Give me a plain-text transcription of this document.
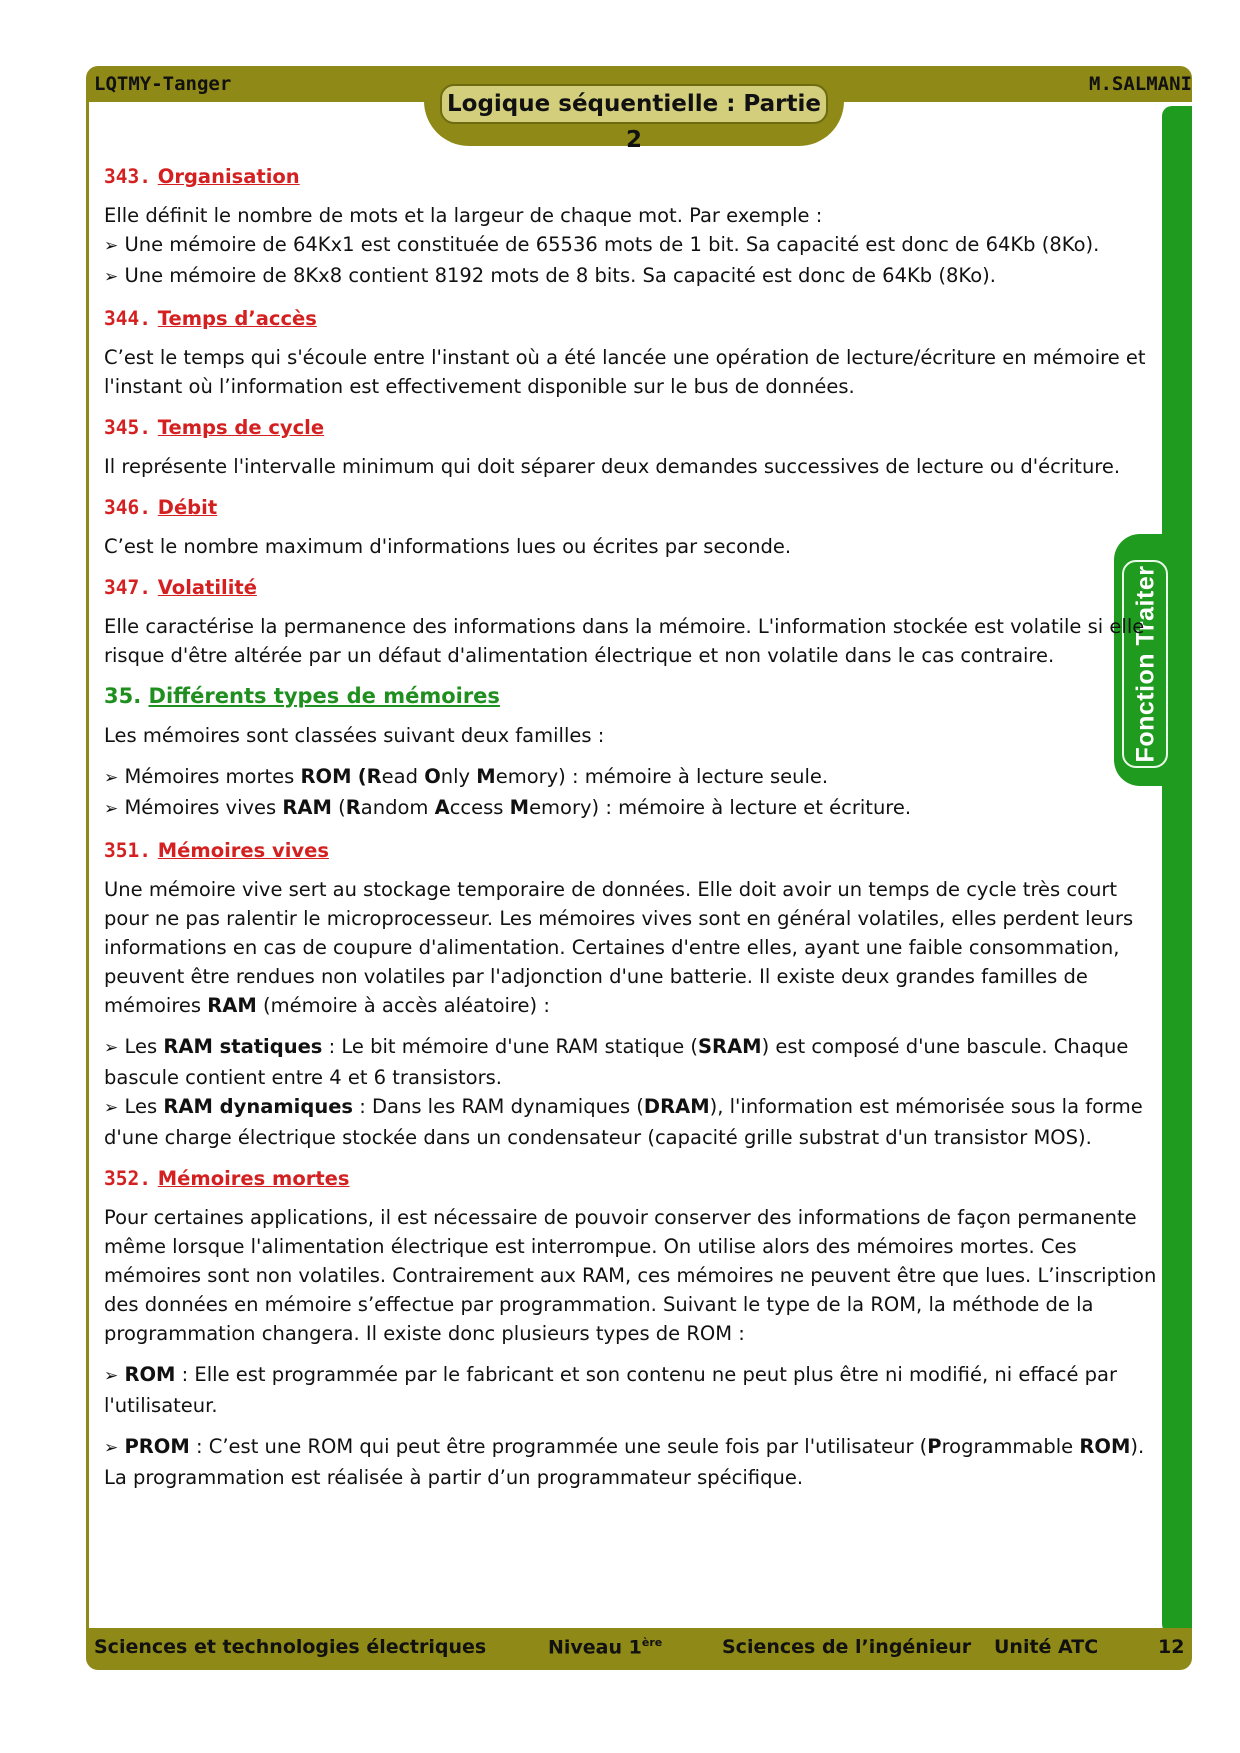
LQTMY-Tanger	M.SALMANI
Logique séquentielle : Partie 2
Fonction Traiter
343. Organisation
Elle définit le nombre de mots et la largeur de chaque mot. Par exemple :
➢ Une mémoire de 64Kx1 est constituée de 65536 mots de 1 bit. Sa capacité est donc de 64Kb (8Ko).
➢ Une mémoire de 8Kx8 contient 8192 mots de 8 bits. Sa capacité est donc de 64Kb (8Ko).
344. Temps d’accès

C’est le temps qui s'écoule entre l'instant où a été lancée une opération de lecture/écriture en mémoire et l'instant où l’information est effectivement disponible sur le bus de données.

345. Temps de cycle

Il représente l'intervalle minimum qui doit séparer deux demandes successives de lecture ou d'écriture.

346. Débit

C’est le nombre maximum d'informations lues ou écrites par seconde.

347. Volatilité

Elle caractérise la permanence des informations dans la mémoire. L'information stockée est volatile si elle risque d'être altérée par un défaut d'alimentation électrique et non volatile dans le cas contraire.

35. Différents types de mémoires

Les mémoires sont classées suivant deux familles :

➢ Mémoires mortes ROM (Read Only Memory) : mémoire à lecture seule.
➢ Mémoires vives RAM (Random Access Memory) : mémoire à lecture et écriture.
351. Mémoires vives

Une mémoire vive sert au stockage temporaire de données. Elle doit avoir un temps de cycle très court pour ne pas ralentir le microprocesseur. Les mémoires vives sont en général volatiles, elles perdent leurs informations en cas de coupure d'alimentation. Certaines d'entre elles, ayant une faible consommation, peuvent être rendues non volatiles par l'adjonction d'une batterie. Il existe deux grandes familles de mémoires RAM (mémoire à accès aléatoire) :

➢ Les RAM statiques : Le bit mémoire d'une RAM statique (SRAM) est composé d'une bascule. Chaque bascule contient entre 4 et 6 transistors.
➢ Les RAM dynamiques : Dans les RAM dynamiques (DRAM), l'information est mémorisée sous la forme d'une charge électrique stockée dans un condensateur (capacité grille substrat d'un transistor MOS).
352. Mémoires mortes

Pour certaines applications, il est nécessaire de pouvoir conserver des informations de façon permanente même lorsque l'alimentation électrique est interrompue. On utilise alors des mémoires mortes. Ces mémoires sont non volatiles. Contrairement aux RAM, ces mémoires ne peuvent être que lues. L’inscription des données en mémoire s’effectue par programmation. Suivant le type de la ROM, la méthode de la programmation changera. Il existe donc plusieurs types de ROM :

➢ ROM : Elle est programmée par le fabricant et son contenu ne peut plus être ni modifié, ni effacé par l'utilisateur.

➢ PROM : C’est une ROM qui peut être programmée une seule fois par l'utilisateur (Programmable ROM). La programmation est réalisée à partir d’un programmateur spécifique.

Sciences et technologies électriques	Niveau 1ère	Sciences de l’ingénieur Unité ATC	12
